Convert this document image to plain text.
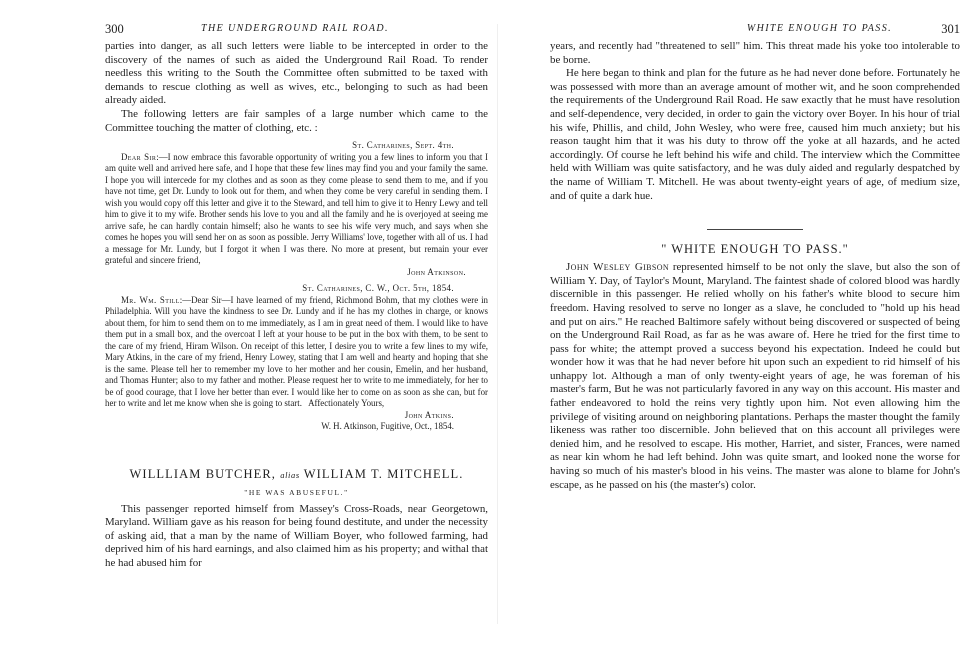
300	THE UNDERGROUND RAIL ROAD.

parties into danger, as all such letters were liable to be intercepted in order to the discovery of the names of such as aided the Underground Rail Road. To render needless this writing to the South the Committee often submitted to be taxed with demands to rescue clothing as well as wives, etc., belonging to such as had been already aided.

The following letters are fair samples of a large number which came to the Committee touching the matter of clothing, etc. :

St. Catharines, Sept. 4th.

Dear Sir:—I now embrace this favorable opportunity of writing you a few lines to inform you that I am quite well and arrived here safe, and I hope that these few lines may find you and your family the same. I hope you will intercede for my clothes and as soon as they come please to send them to me, and if you have not time, get Dr. Lundy to look out for them, and when they come be very careful in sending them. I wish you would copy off this letter and give it to the Steward, and tell him to give it to Henry Lewy and tell him to give it to my wife. Brother sends his love to you and all the family and he is overjoyed at seeing me arrive safe, he can hardly contain himself; also he wants to see his wife very much, and says when she comes he hopes you will send her on as soon as possible. Jerry Williams' love, together with all of us. I had a message for Mr. Lundy, but I forgot it when I was there. No more at present, but remain your ever grateful and sincere friend,

John Atkinson.
St. Catharines, C. W., Oct. 5th, 1854.

Mr. Wm. Still:—Dear Sir—I have learned of my friend, Richmond Bohm, that my clothes were in Philadelphia. Will you have the kindness to see Dr. Lundy and if he has my clothes in charge, or knows about them, for him to send them on to me immediately, as I am in great need of them. I would like to have them put in a small box, and the overcoat I left at your house to be put in the box with them, to be sent to the care of my friend, Hiram Wilson. On receipt of this letter, I desire you to write a few lines to my wife, Mary Atkins, in the care of my friend, Henry Lowey, stating that I am well and hearty and hoping that she is the same. Please tell her to remember my love to her mother and her cousin, Emelin, and her husband, and Thomas Hunter; also to my father and mother. Please request her to write to me immediately, for her to be of good courage, that I love her better than ever. I would like her to come on as soon as she can, but for her to write and let me know when she is going to start. Affectionately Yours,

John Atkins.
W. H. Atkinson, Fugitive, Oct., 1854.
WILLLIAM BUTCHER, alias WILLIAM T. MITCHELL.
"HE WAS ABUSEFUL."

This passenger reported himself from Massey's Cross-Roads, near Georgetown, Maryland. William gave as his reason for being found destitute, and under the necessity of asking aid, that a man by the name of William Boyer, who followed farming, had deprived him of his hard earnings, and also claimed him as his property; and withal that he had abused him for

WHITE ENOUGH TO PASS.	301

years, and recently had "threatened to sell" him. This threat made his yoke too intolerable to be borne.

He here began to think and plan for the future as he had never done before. Fortunately he was possessed with more than an average amount of mother wit, and he soon comprehended the requirements of the Underground Rail Road. He saw exactly that he must have resolution and self-dependence, very decided, in order to gain the victory over Boyer. In his hour of trial his wife, Phillis, and child, John Wesley, who were free, caused him much anxiety; but his reason taught him that it was his duty to throw off the yoke at all hazards, and he acted accordingly. Of course he left behind his wife and child. The interview which the Committee held with William was quite satisfactory, and he was duly aided and regularly despatched by the name of William T. Mitchell. He was about twenty-eight years of age, of medium size, and of quite a dark hue.

" WHITE ENOUGH TO PASS."

John Wesley Gibson represented himself to be not only the slave, but also the son of William Y. Day, of Taylor's Mount, Maryland. The faintest shade of colored blood was hardly discernible in this passenger. He relied wholly on his father's white blood to secure him freedom. Having resolved to serve no longer as a slave, he concluded to "hold up his head and put on airs." He reached Baltimore safely without being discovered or suspected of being on the Underground Rail Road, as far as he was aware of. Here he tried for the first time to pass for white; the attempt proved a success beyond his expectation. Indeed he could but wonder how it was that he had never before hit upon such an expedient to rid himself of his unhappy lot. Although a man of only twenty-eight years of age, he was foreman of his master's farm, But he was not particularly favored in any way on this account. His master and father endeavored to hold the reins very tightly upon him. Not even allowing him the privilege of visiting around on neighboring plantations. Perhaps the master thought the family likeness was rather too discernible. John believed that on this account all privileges were denied him, and he resolved to escape. His mother, Harriet, and sister, Frances, were named as near kin whom he had left behind. John was quite smart, and looked none the worse for having so much of his master's blood in his veins. The master was alone to blame for John's escape, as he passed on his (the master's) color.
